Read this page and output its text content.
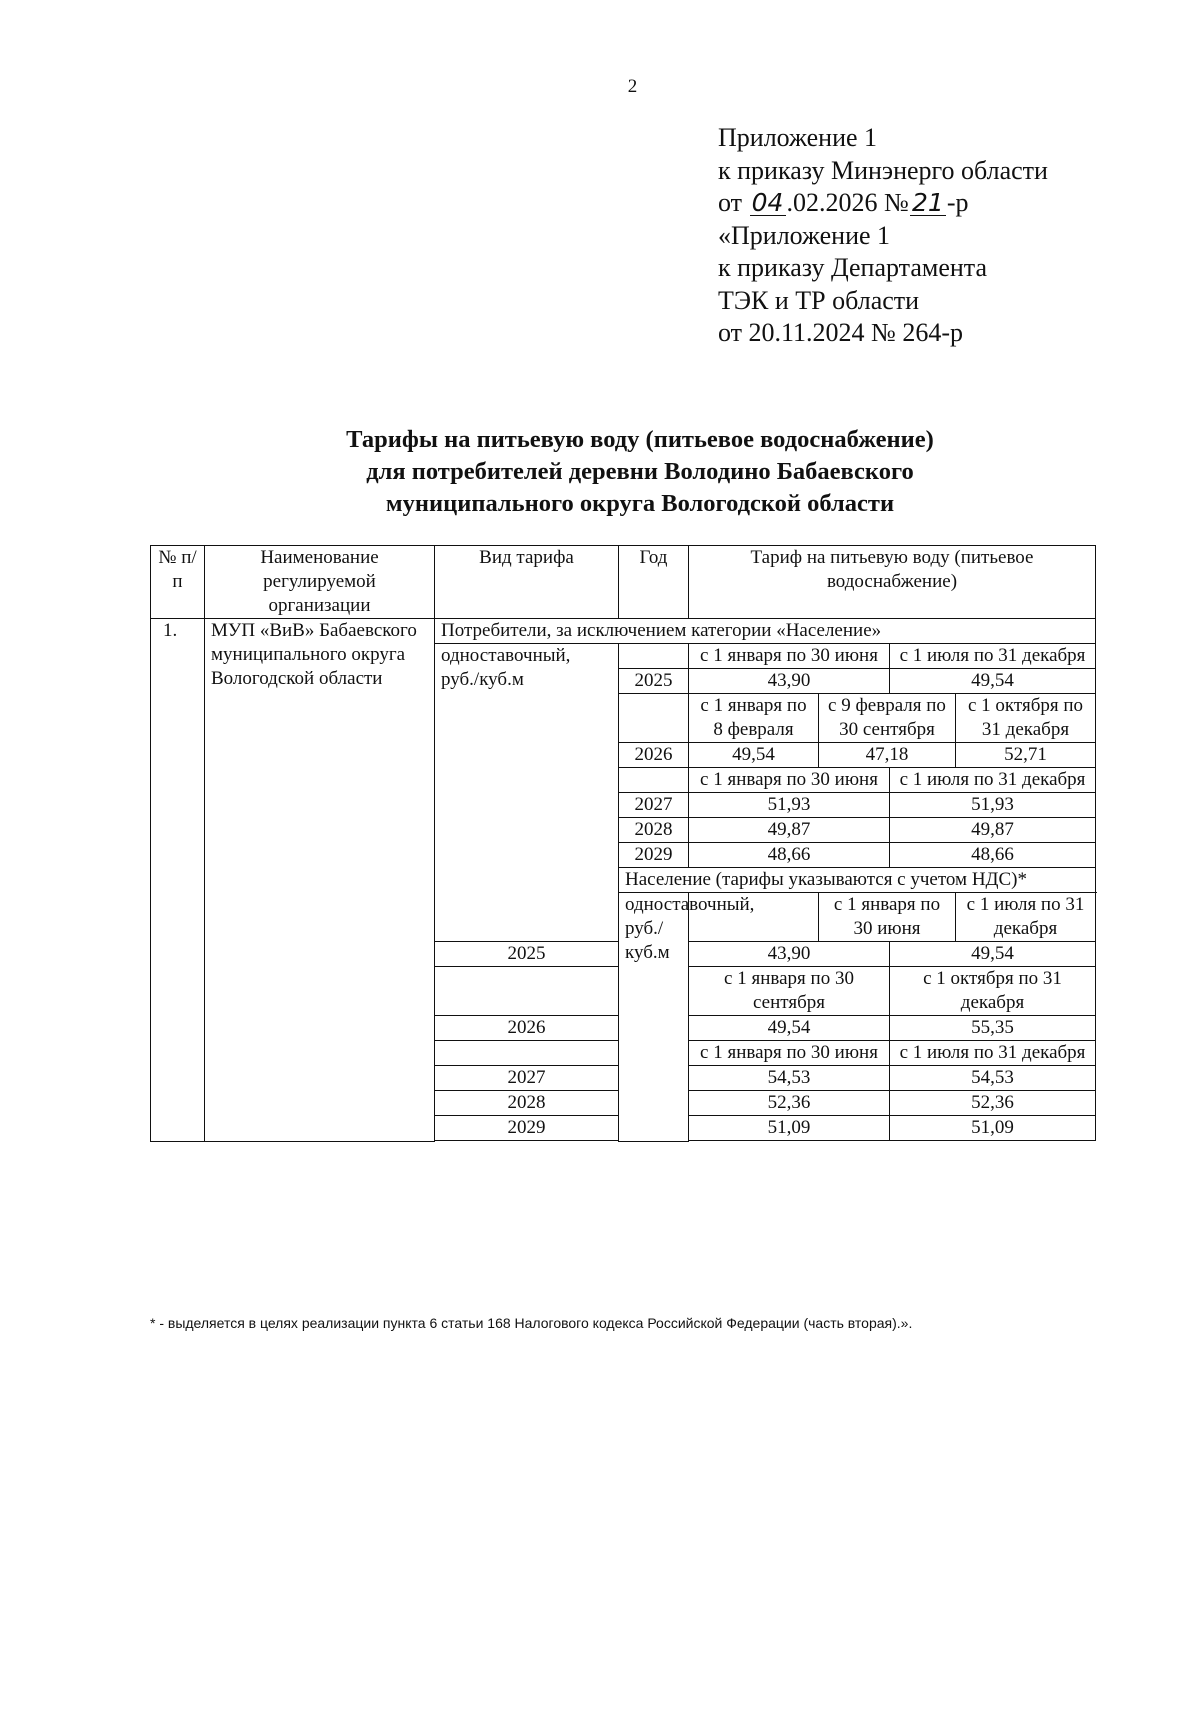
2
Приложение 1
к приказу Минэнерго области
от 04 .02.2026 № 21 -р
«Приложение 1
к приказу Департамента
ТЭК и ТР области
от 20.11.2024 № 264-р
Тарифы на питьевую воду (питьевое водоснабжение)
для потребителей деревни Володино Бабаевского
муниципального округа Вологодской области
№ п/п	Наименование регулируемой организации	Вид тарифа	Год	Тариф на питьевую воду (питьевое водоснабжение)			
1.	МУП «ВиВ» Бабаевского муниципального округа Вологодской области	Потребители, за исключением категории «Население»					
		одноставочный, руб./куб.м		с 1 января по 30 июня		с 1 июля по 31 декабря	
			2025	43,90		49,54	
				с 1 января по 8 февраля	с 9 февраля по 30 сентября		с 1 октября по 31 декабря
			2026	49,54	47,18		52,71
				с 1 января по 30 июня		с 1 июля по 31 декабря	
			2027	51,93		51,93	
			2028	49,87		49,87	
			2029	48,66		48,66	
			Население (тарифы указываются с учетом НДС)*				
			одноставочный, руб./куб.м		с 1 января по 30 июня		с 1 июля по 31 декабря
		2025		43,90		49,54	
				с 1 января по 30 сентября		с 1 октября по 31 декабря	
		2026		49,54		55,35	
				с 1 января по 30 июня		с 1 июля по 31 декабря	
		2027		54,53		54,53	
		2028		52,36		52,36	
		2029		51,09		51,09	

* - выделяется в целях реализации пункта 6 статьи 168 Налогового кодекса Российской Федерации (часть вторая).».
